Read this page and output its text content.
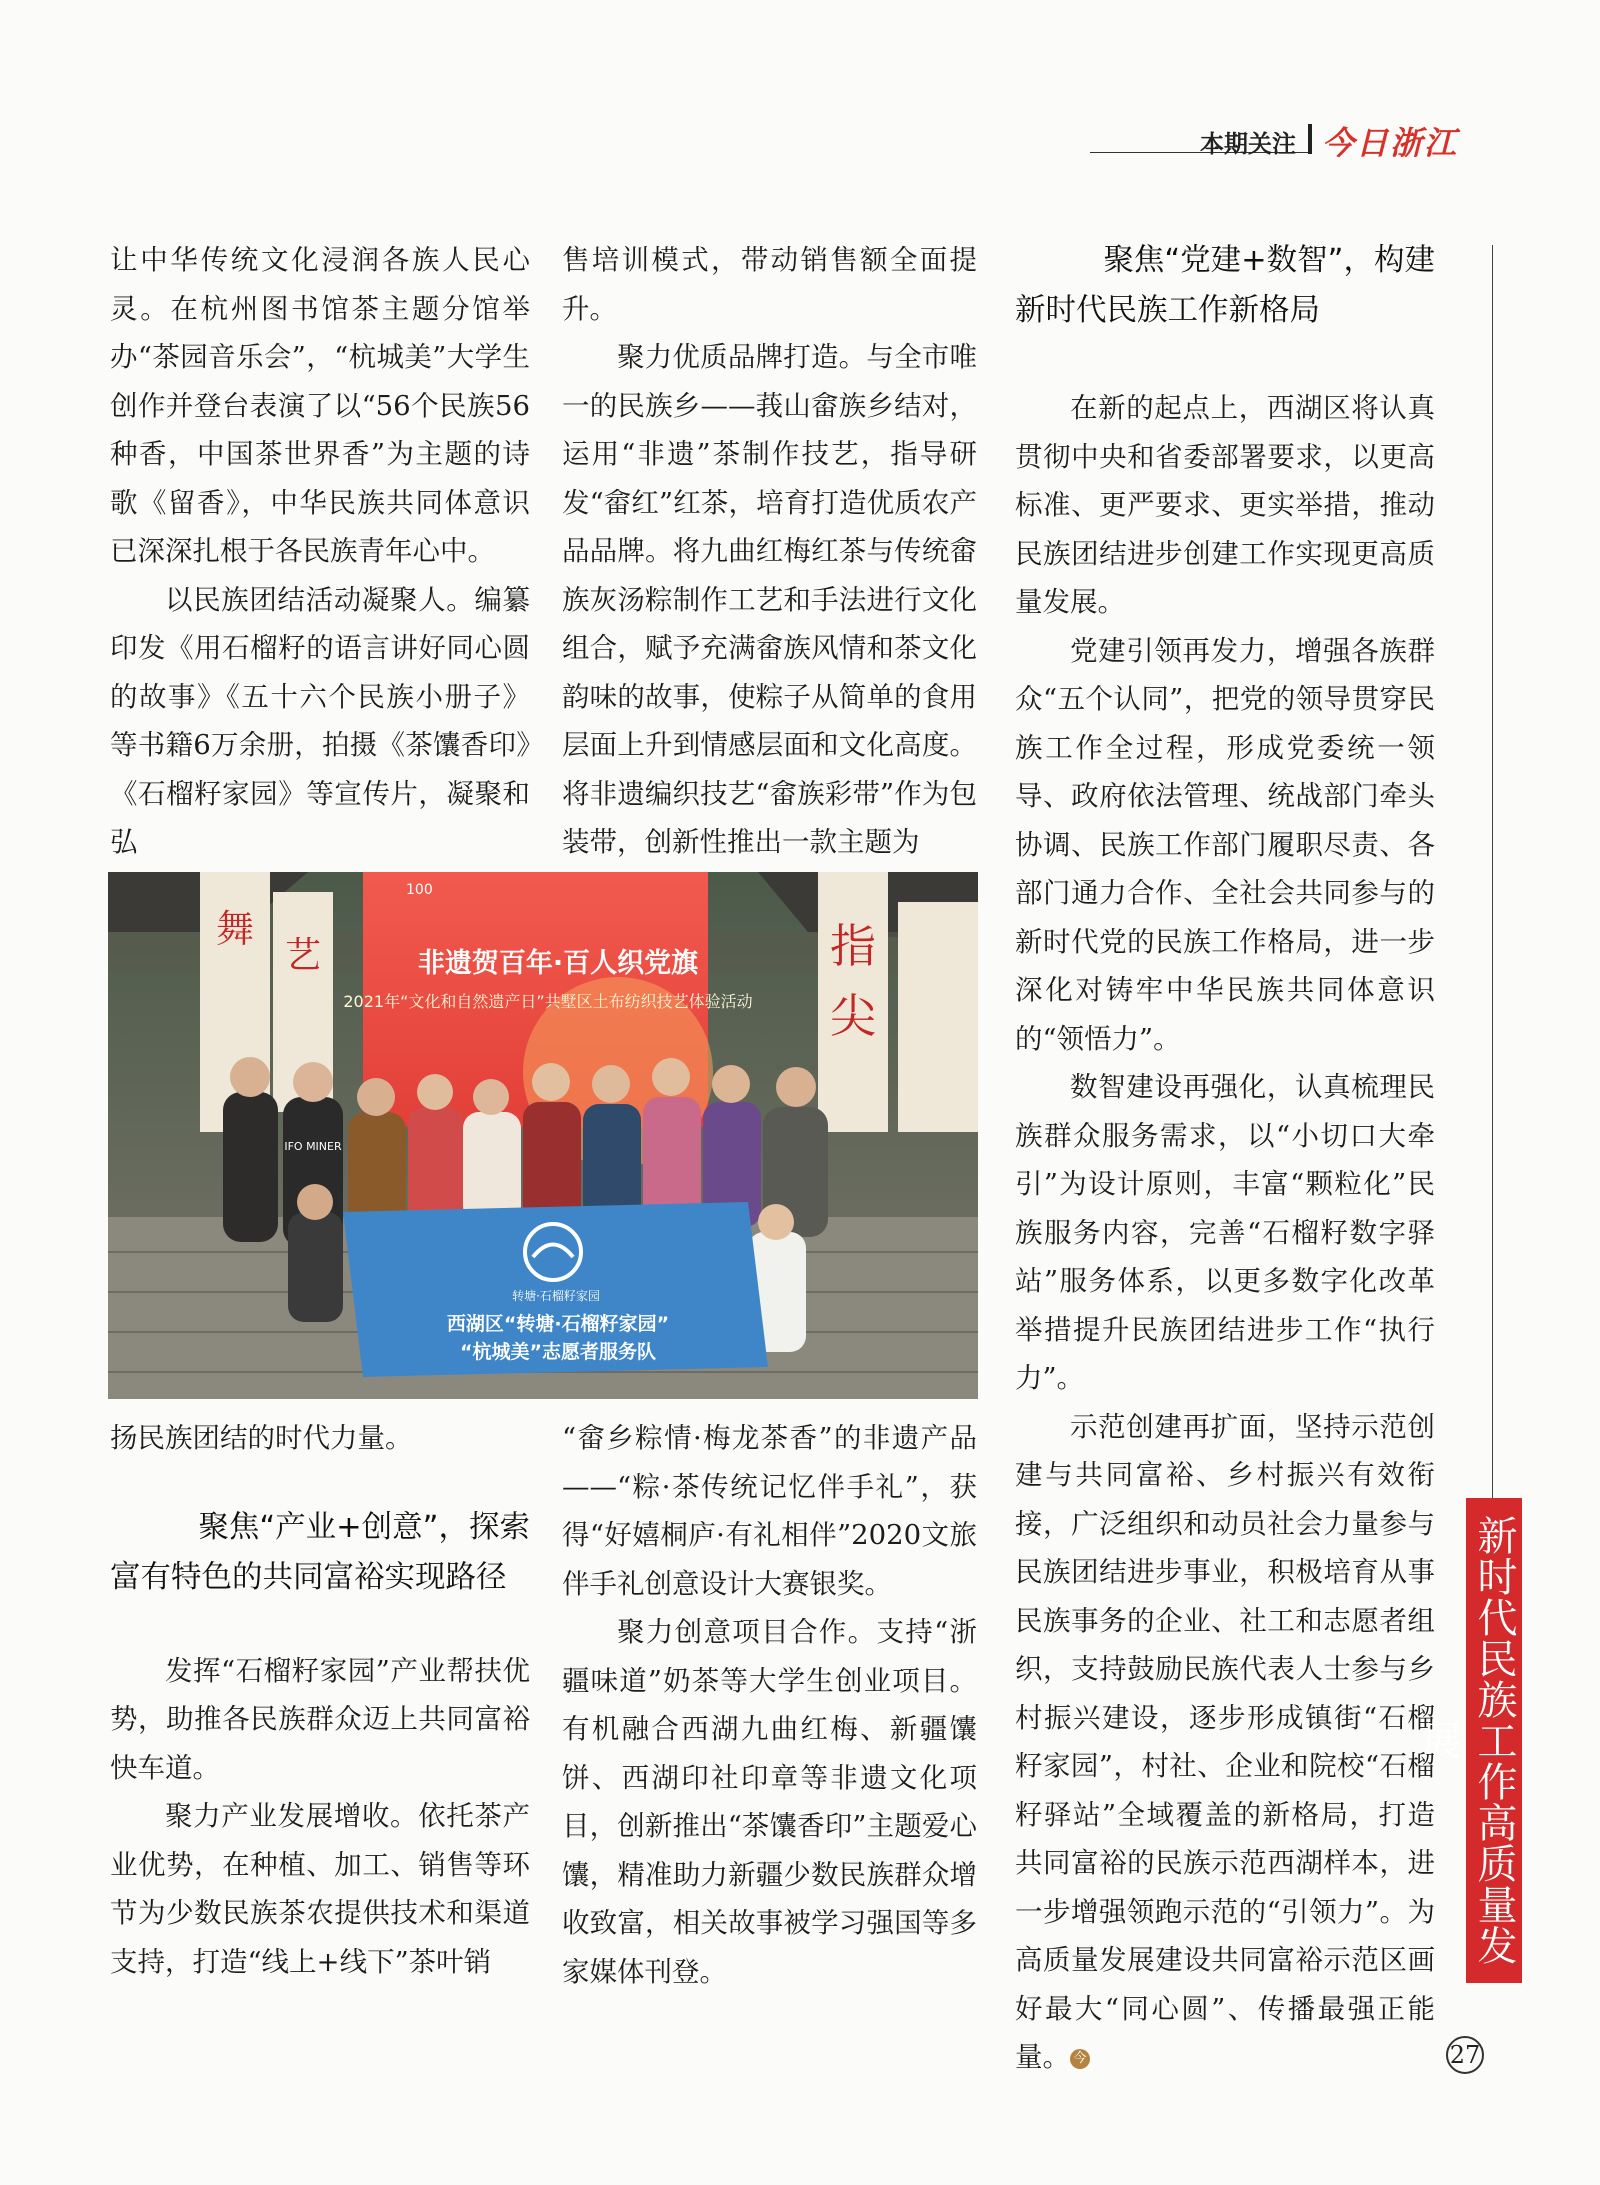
本期关注 今日浙江

让中华传统文化浸润各族人民心灵。在杭州图书馆茶主题分馆举办“茶园音乐会”，“杭城美”大学生创作并登台表演了以“56个民族56种香，中国茶世界香”为主题的诗歌《留香》，中华民族共同体意识已深深扎根于各民族青年心中。

以民族团结活动凝聚人。编纂印发《用石榴籽的语言讲好同心圆的故事》《五十六个民族小册子》等书籍6万余册，拍摄《茶馕香印》《石榴籽家园》等宣传片，凝聚和弘

售培训模式，带动销售额全面提升。

聚力优质品牌打造。与全市唯一的民族乡——莪山畲族乡结对，运用“非遗”茶制作技艺，指导研发“畲红”红茶，培育打造优质农产品品牌。将九曲红梅红茶与传统畲族灰汤粽制作工艺和手法进行文化组合，赋予充满畲族风情和茶文化韵味的故事，使粽子从简单的食用层面上升到情感层面和文化高度。将非遗编织技艺“畲族彩带”作为包装带，创新性推出一款主题为

聚焦“党建+数智”，构建

新时代民族工作新格局

在新的起点上，西湖区将认真贯彻中央和省委部署要求，以更高标准、更严要求、更实举措，推动民族团结进步创建工作实现更高质量发展。

党建引领再发力，增强各族群众“五个认同”，把党的领导贯穿民族工作全过程，形成党委统一领导、政府依法管理、统战部门牵头协调、民族工作部门履职尽责、各部门通力合作、全社会共同参与的新时代党的民族工作格局，进一步深化对铸牢中华民族共同体意识的“领悟力”。

数智建设再强化，认真梳理民族群众服务需求，以“小切口大牵引”为设计原则，丰富“颗粒化”民族服务内容，完善“石榴籽数字驿站”服务体系，以更多数字化改革举措提升民族团结进步工作“执行力”。

示范创建再扩面，坚持示范创建与共同富裕、乡村振兴有效衔接，广泛组织和动员社会力量参与民族团结进步事业，积极培育从事民族事务的企业、社工和志愿者组织，支持鼓励民族代表人士参与乡村振兴建设，逐步形成镇街“石榴籽家园”，村社、企业和院校“石榴籽驿站”全域覆盖的新格局，打造共同富裕的民族示范西湖样本，进一步增强领跑示范的“引领力”。为高质量发展建设共同富裕示范区画好最大“同心圆”、传播最强正能量。 今

舞
艺	指
尖
100
非遗贺百年·百人织党旗
2021年“文化和自然遗产日”共墅区土布纺织技艺体验活动
IFO MINER
转塘·石榴籽家园
西湖区“转塘·石榴籽家园”
“杭城美”志愿者服务队

扬民族团结的时代力量。

聚焦“产业+创意”，探索
富有特色的共同富裕实现路径

发挥“石榴籽家园”产业帮扶优势，助推各民族群众迈上共同富裕快车道。

聚力产业发展增收。依托茶产业优势，在种植、加工、销售等环节为少数民族茶农提供技术和渠道支持，打造“线上+线下”茶叶销

“畲乡粽情·梅龙茶香”的非遗产品——“粽·茶传统记忆伴手礼”，获得“好嬉桐庐·有礼相伴”2020文旅伴手礼创意设计大赛银奖。

聚力创意项目合作。支持“浙疆味道”奶茶等大学生创业项目。有机融合西湖九曲红梅、新疆馕饼、西湖印社印章等非遗文化项目，创新推出“茶馕香印”主题爱心馕，精准助力新疆少数民族群众增收致富，相关故事被学习强国等多家媒体刊登。

新时代民族工作高质量发展
27
